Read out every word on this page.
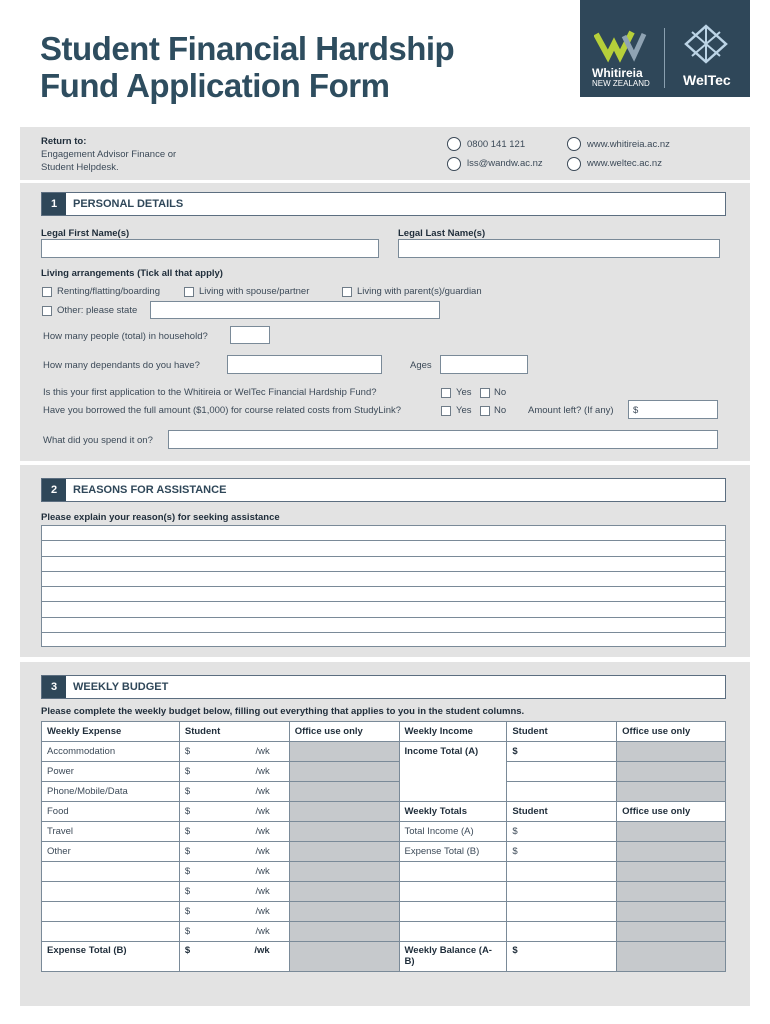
Student Financial Hardship
Fund Application Form	Whitireia
NEW ZEALAND WelTec
Return to:
Engagement Advisor Finance or
Student Helpdesk.
0800 141 121
lss@wandw.ac.nz
www.whitireia.ac.nz
www.weltec.ac.nz
1	PERSONAL DETAILS
Legal First Name(s)	Legal Last Name(s)
Living arrangements (Tick all that apply)
Renting/flatting/boarding	Living with spouse/partner	Living with parent(s)/guardian
Other: please state
How many people (total) in household?
How many dependants do you have?	Ages
Is this your first application to the Whitireia or WelTec Financial Hardship Fund?	Yes No
Have you borrowed the full amount ($1,000) for course related costs from StudyLink?	Yes No Amount left? (If any) $
What did you spend it on?
2	REASONS FOR ASSISTANCE
Please explain your reason(s) for seeking assistance
3	WEEKLY BUDGET
Please complete the weekly budget below, filling out everything that applies to you in the student columns.
Weekly Expense	Student	Office use only	Weekly Income	Student	Office use only
Accommodation	$ /wk		Income Total (A)	$	
Power	$ /wk				

Phone/Mobile/Data	$ /wk				

Food	$ /wk		Weekly Totals	Student	Office use only
Travel	$ /wk		Total Income (A)	$	
Other	$ /wk		Expense Total (B)	$	

	$ /wk				

	$ /wk				

	$ /wk				

	$ /wk				

Expense Total (B)	$ /wk		Weekly Balance (A-B)	$	
